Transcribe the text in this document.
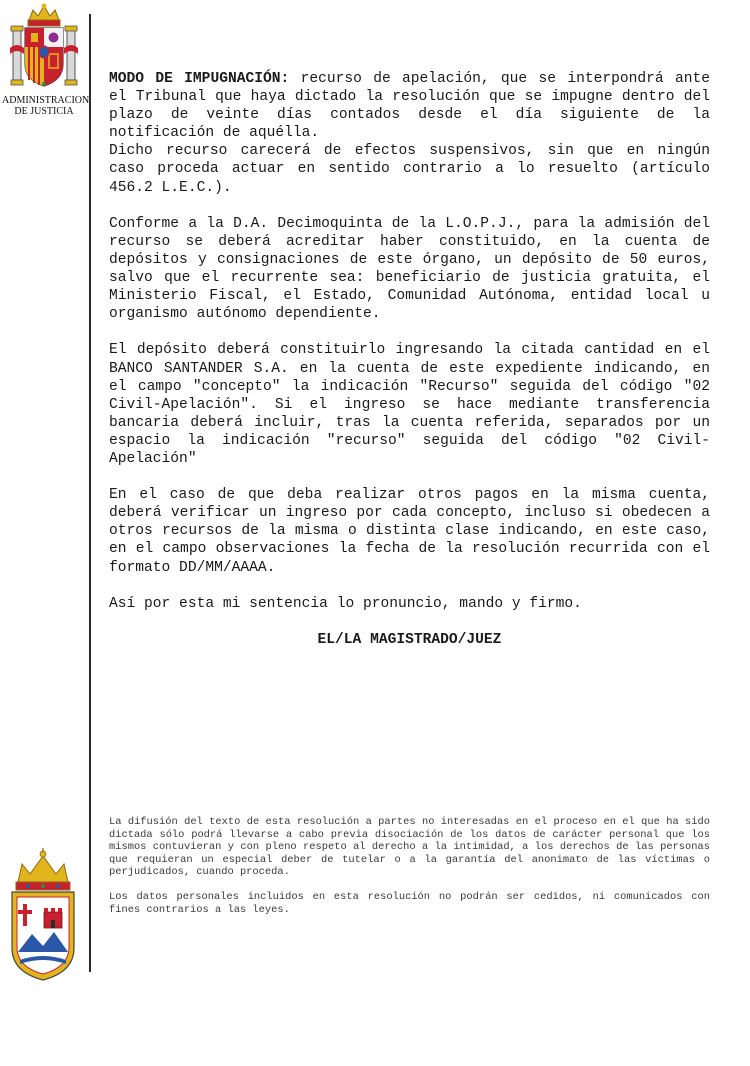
ADMINISTRACION
DE JUSTICIA

MODO DE IMPUGNACIÓN: recurso de apelación, que se interpondrá ante el Tribunal que haya dictado la resolución que se impugne dentro del plazo de veinte días contados desde el día siguiente de la notificación de aquélla.

Dicho recurso carecerá de efectos suspensivos, sin que en ningún caso proceda actuar en sentido contrario a lo resuelto (artículo 456.2 L.E.C.).

Conforme a la D.A. Decimoquinta de la L.O.P.J., para la admisión del recurso se deberá acreditar haber constituido, en la cuenta de depósitos y consignaciones de este órgano, un depósito de 50 euros, salvo que el recurrente sea: beneficiario de justicia gratuita, el Ministerio Fiscal, el Estado, Comunidad Autónoma, entidad local u organismo autónomo dependiente.

El depósito deberá constituirlo ingresando la citada cantidad en el BANCO SANTANDER S.A. en la cuenta de este expediente indicando, en el campo "concepto" la indicación "Recurso" seguida del código "02 Civil-Apelación". Si el ingreso se hace mediante transferencia bancaria deberá incluir, tras la cuenta referida, separados por un espacio la indicación "recurso" seguida del código "02 Civil-Apelación"

En el caso de que deba realizar otros pagos en la misma cuenta, deberá verificar un ingreso por cada concepto, incluso si obedecen a otros recursos de la misma o distinta clase indicando, en este caso, en el campo observaciones la fecha de la resolución recurrida con el formato DD/MM/AAAA.

Así por esta mi sentencia lo pronuncio, mando y firmo.

EL/LA MAGISTRADO/JUEZ

La difusión del texto de esta resolución a partes no interesadas en el proceso en el que ha sido dictada sólo podrá llevarse a cabo previa disociación de los datos de carácter personal que los mismos contuvieran y con pleno respeto al derecho a la intimidad, a los derechos de las personas que requieran un especial deber de tutelar o a la garantía del anonimato de las víctimas o perjudicados, cuando proceda.

Los datos personales incluidos en esta resolución no podrán ser cedidos, ni comunicados con fines contrarios a las leyes.
